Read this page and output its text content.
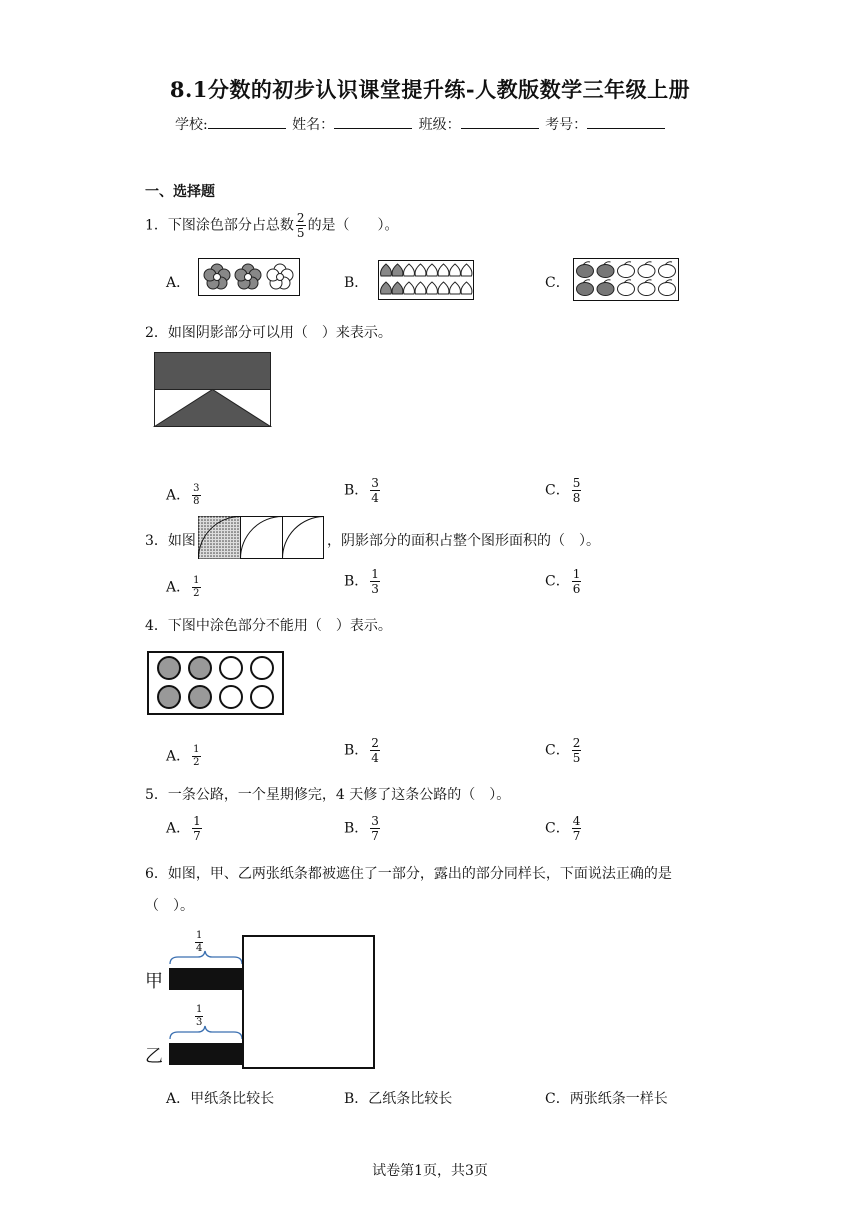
8.1分数的初步认识课堂提升练-人教版数学三年级上册
学校:	姓名：	班级：	考号：
一、选择题
1．下图涂色部分占总数 $\frac{2}{5}$ 的是（　　）。
A．	B．	C．
2．如图阴影部分可以用（　）来表示。
A． $\frac{3}{8}$	B． $\frac{3}{4}$	C． $\frac{5}{8}$
3．如图	，阴影部分的面积占整个图形面积的（　）。
A． $\frac{1}{2}$	B． $\frac{1}{3}$	C． $\frac{1}{6}$
4．下图中涂色部分不能用（　）表示。
A． $\frac{1}{2}$	B． $\frac{2}{4}$	C． $\frac{2}{5}$
5．一条公路，一个星期修完，4 天修了这条公路的（　）。
A． $\frac{1}{7}$	B． $\frac{3}{7}$	C． $\frac{4}{7}$
6．如图，甲、乙两张纸条都被遮住了一部分，露出的部分同样长，下面说法正确的是
（　）。
$\frac{1}{4}$
$\frac{1}{3}$
甲
乙
A．甲纸条比较长	B．乙纸条比较长	C．两张纸条一样长
试卷第1页，共3页
